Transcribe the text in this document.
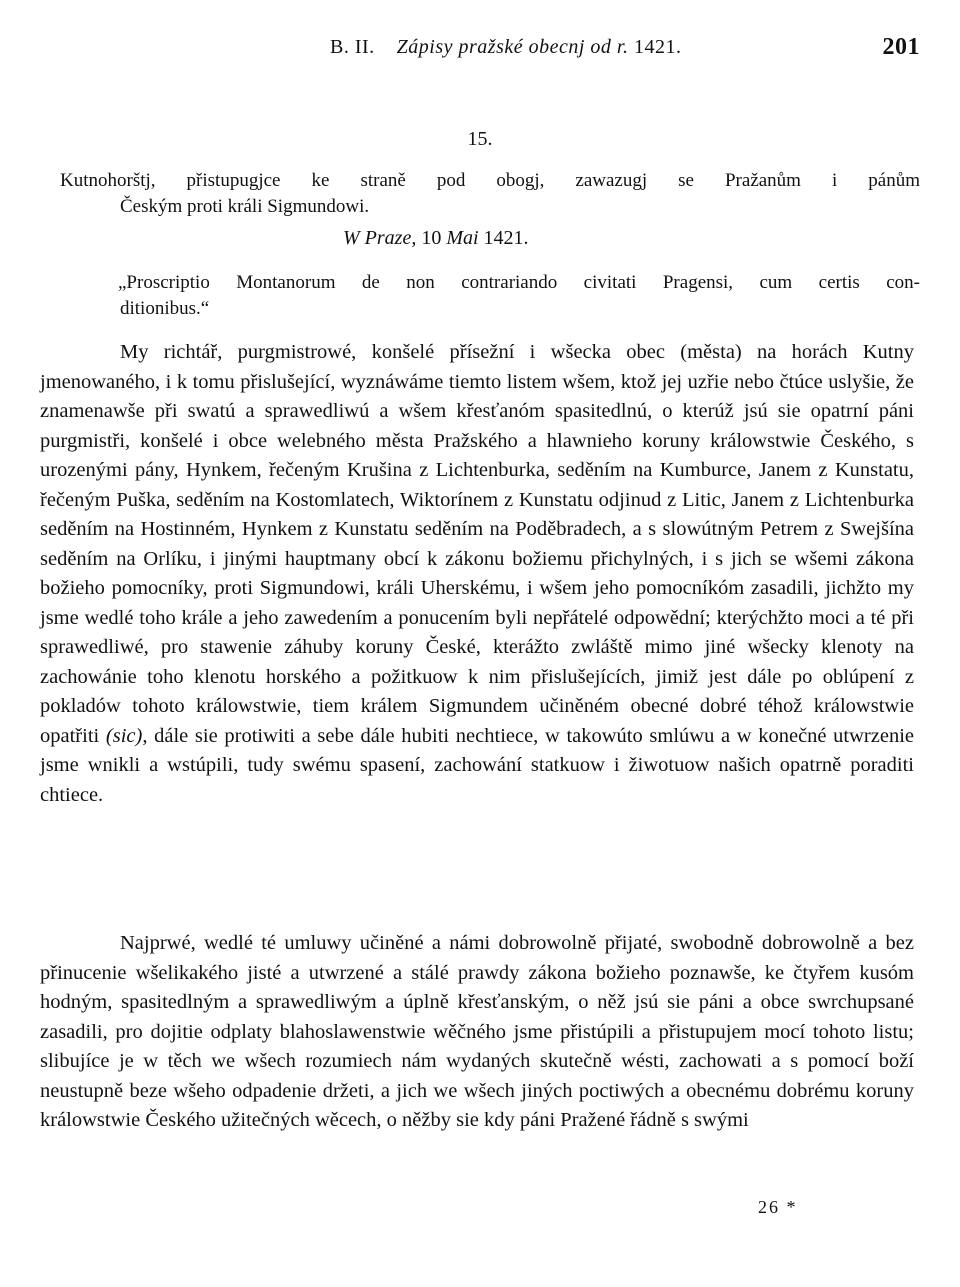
B. II. Zápisy pražské obecnj od r. 1421.	201
15.
Kutnohorštj, přistupugjce ke straně pod obogj, zawazugj se Pražanům i pánům
Českým proti králi Sigmundowi.
W Praze, 10 Mai 1421.
„Proscriptio Montanorum de non contrariando civitati Pragensi, cum certis con-
ditionibus.“

My richtář, purgmistrowé, konšelé přísežní i wšecka obec (města) na horách Kutny jmenowaného, i k tomu přislušející, wyznáwáme tiemto listem wšem, ktož jej uzřie nebo čtúce uslyšie, že znamenawše při swatú a sprawedliwú a wšem křesťanóm spasitedlnú, o kterúž jsú sie opatrní páni purgmistři, konšelé i obce welebného města Pražského a hlawnieho koruny králowstwie Českého, s urozenými pány, Hynkem, řečeným Krušina z Lichtenburka, seděním na Kumburce, Janem z Kunstatu, řečeným Puška, seděním na Kostomlatech, Wiktorínem z Kunstatu odjinud z Litic, Janem z Lichtenburka seděním na Hostinném, Hynkem z Kunstatu seděním na Poděbradech, a s slowútným Petrem z Swejšína seděním na Orlíku, i jinými hauptmany obcí k zákonu božiemu přichylných, i s jich se wšemi zákona božieho pomocníky, proti Sigmundowi, králi Uherskému, i wšem jeho pomocníkóm zasadili, jichžto my jsme wedlé toho krále a jeho zawedením a ponucením byli nepřátelé odpowědní; kterýchžto moci a té při sprawedliwé, pro stawenie záhuby koruny České, kterážto zwláště mimo jiné wšecky klenoty na zachowánie toho klenotu horského a požitkuow k nim přislušejících, jimiž jest dále po oblúpení z pokladów tohoto králowstwie, tiem králem Sigmundem učiněném obecné dobré téhož králowstwie opatřiti (sic), dále sie protiwiti a sebe dále hubiti nechtiece, w takowúto smlúwu a w konečné utwrzenie jsme wnikli a wstúpili, tudy swému spasení, zachowání statkuow i žiwotuow našich opatrně poraditi chtiece.

Najprwé, wedlé té umluwy učiněné a námi dobrowolně přijaté, swobodně dobrowolně a bez přinucenie wšelikakého jisté a utwrzené a stálé prawdy zákona božieho poznawše, ke čtyřem kusóm hodným, spasitedlným a sprawedliwým a úplně křesťanským, o něž jsú sie páni a obce swrchupsané zasadili, pro dojitie odplaty blahoslawenstwie wěčného jsme přistúpili a přistupujem mocí tohoto listu; slibujíce je w těch we wšech rozumiech nám wydaných skutečně wésti, zachowati a s pomocí boží neustupně beze wšeho odpadenie držeti, a jich we wšech jiných poctiwých a obecnému dobrému koruny králowstwie Českého užitečných wěcech, o něžby sie kdy páni Pražené řádně s swými

26 *
